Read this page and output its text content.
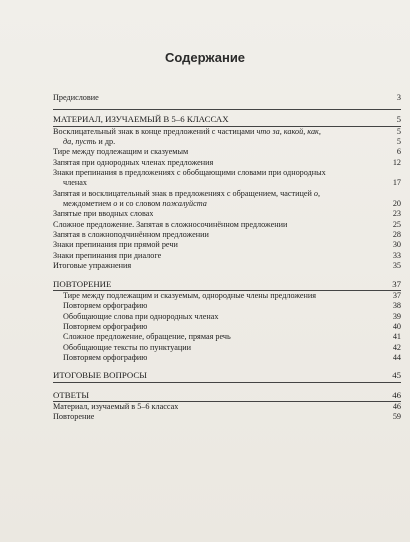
Содержание
Предисловие	3
МАТЕРИАЛ, ИЗУЧАЕМЫЙ В 5–6 КЛАССАХ	5
Восклицательный знак в конце предложений с частицами что за, какой, как,	5
да, пусть и др.	5
Тире между подлежащим и сказуемым	6
Запятая при однородных членах предложения	12
Знаки препинания в предложениях с обобщающими словами при однородных
членах	17
Запятая и восклицательный знак в предложениях с обращением, частицей о,
междометием о и со словом пожалуйста	20
Запятые при вводных словах	23
Сложное предложение. Запятая в сложносочинённом предложении	25
Запятая в сложноподчинённом предложении	28
Знаки препинания при прямой речи	30
Знаки препинания при диалоге	33
Итоговые упражнения	35
ПОВТОРЕНИЕ	37
Тире между подлежащим и сказуемым, однородные члены предложения	37
Повторяем орфографию	38
Обобщающие слова при однородных членах	39
Повторяем орфографию	40
Сложное предложение, обращение, прямая речь	41
Обобщающие тексты по пунктуации	42
Повторяем орфографию	44
ИТОГОВЫЕ ВОПРОСЫ	45
ОТВЕТЫ	46
Материал, изучаемый в 5–6 классах	46
Повторение	59
